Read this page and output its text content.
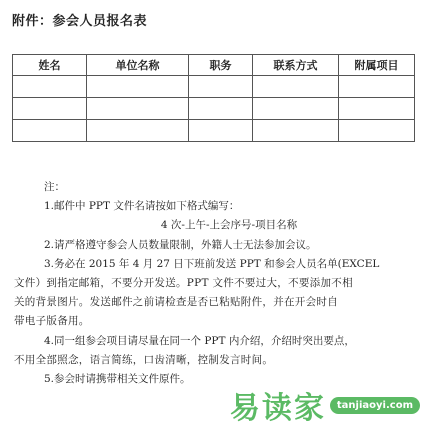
附件：参会人员报名表
姓名	单位名称	职务	联系方式	附属项目

注：
1.邮件中 PPT 文件名请按如下格式编写：
4 次-上午-上会序号-项目名称
2.请严格遵守参会人员数量限制，外籍人士无法参加会议。
3.务必在 2015 年 4 月 27 日下班前发送 PPT 和参会人员名单(EXCEL
文件）到指定邮箱，不要分开发送。PPT 文件不要过大，不要添加不相
关的背景图片。发送邮件之前请检查是否已粘贴附件，并在开会时自
带电子版备用。
4.同一组参会项目请尽量在同一个 PPT 内介绍，介绍时突出要点，
不用全部照念，语言简练，口齿清晰，控制发言时间。
5.参会时请携带相关文件原件。
易读家	tanjiaoyi.com
